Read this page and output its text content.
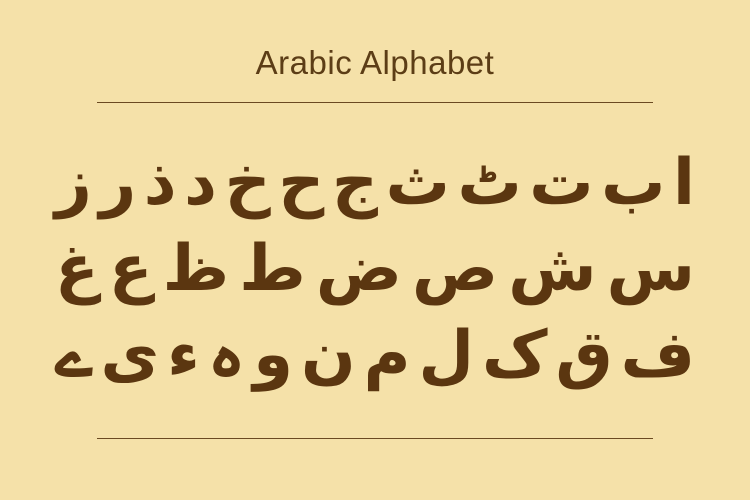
Arabic Alphabet
ا
ب
ت
ٹ
ث
ج
ح
خ
د
ذ
ر
ز
س
ش
ص
ض
ط
ظ
ع
غ
ف
ق
ک
ل
م
ن
و
ہ
ء
ی
ے
